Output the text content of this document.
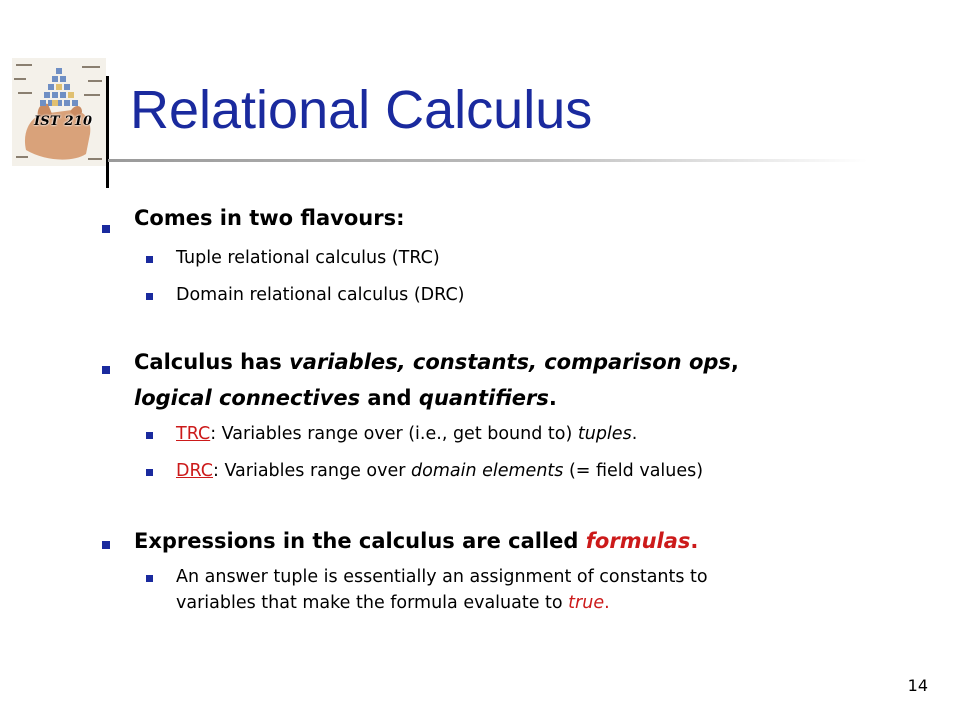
IST 210 Relational Calculus
Comes in two flavours:
Tuple relational calculus (TRC)
Domain relational calculus (DRC)
Calculus has variables, constants, comparison ops,
logical connectives and quantifiers.
TRC: Variables range over (i.e., get bound to) tuples.
DRC: Variables range over domain elements (= field values)
Expressions in the calculus are called formulas.
An answer tuple is essentially an assignment of constants to
variables that make the formula evaluate to true.
14
